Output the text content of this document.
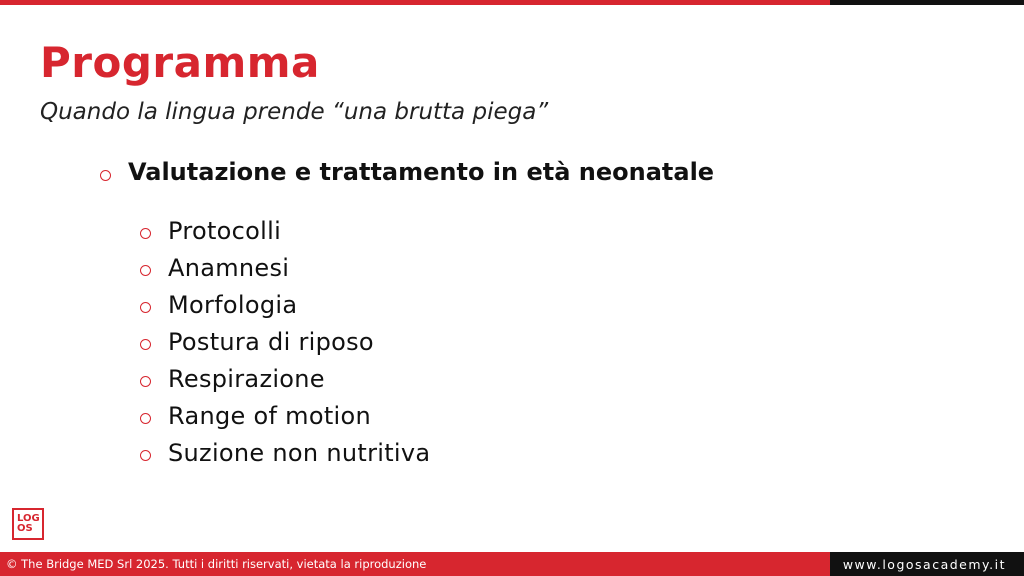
Programma
Quando la lingua prende “una brutta piega”
Valutazione e trattamento in età neonatale
Protocolli
Anamnesi
Morfologia
Postura di riposo
Respirazione
Range of motion
Suzione non nutritiva
LOG
OS
© The Bridge MED Srl 2025. Tutti i diritti riservati, vietata la riproduzione	www.logosacademy.it
